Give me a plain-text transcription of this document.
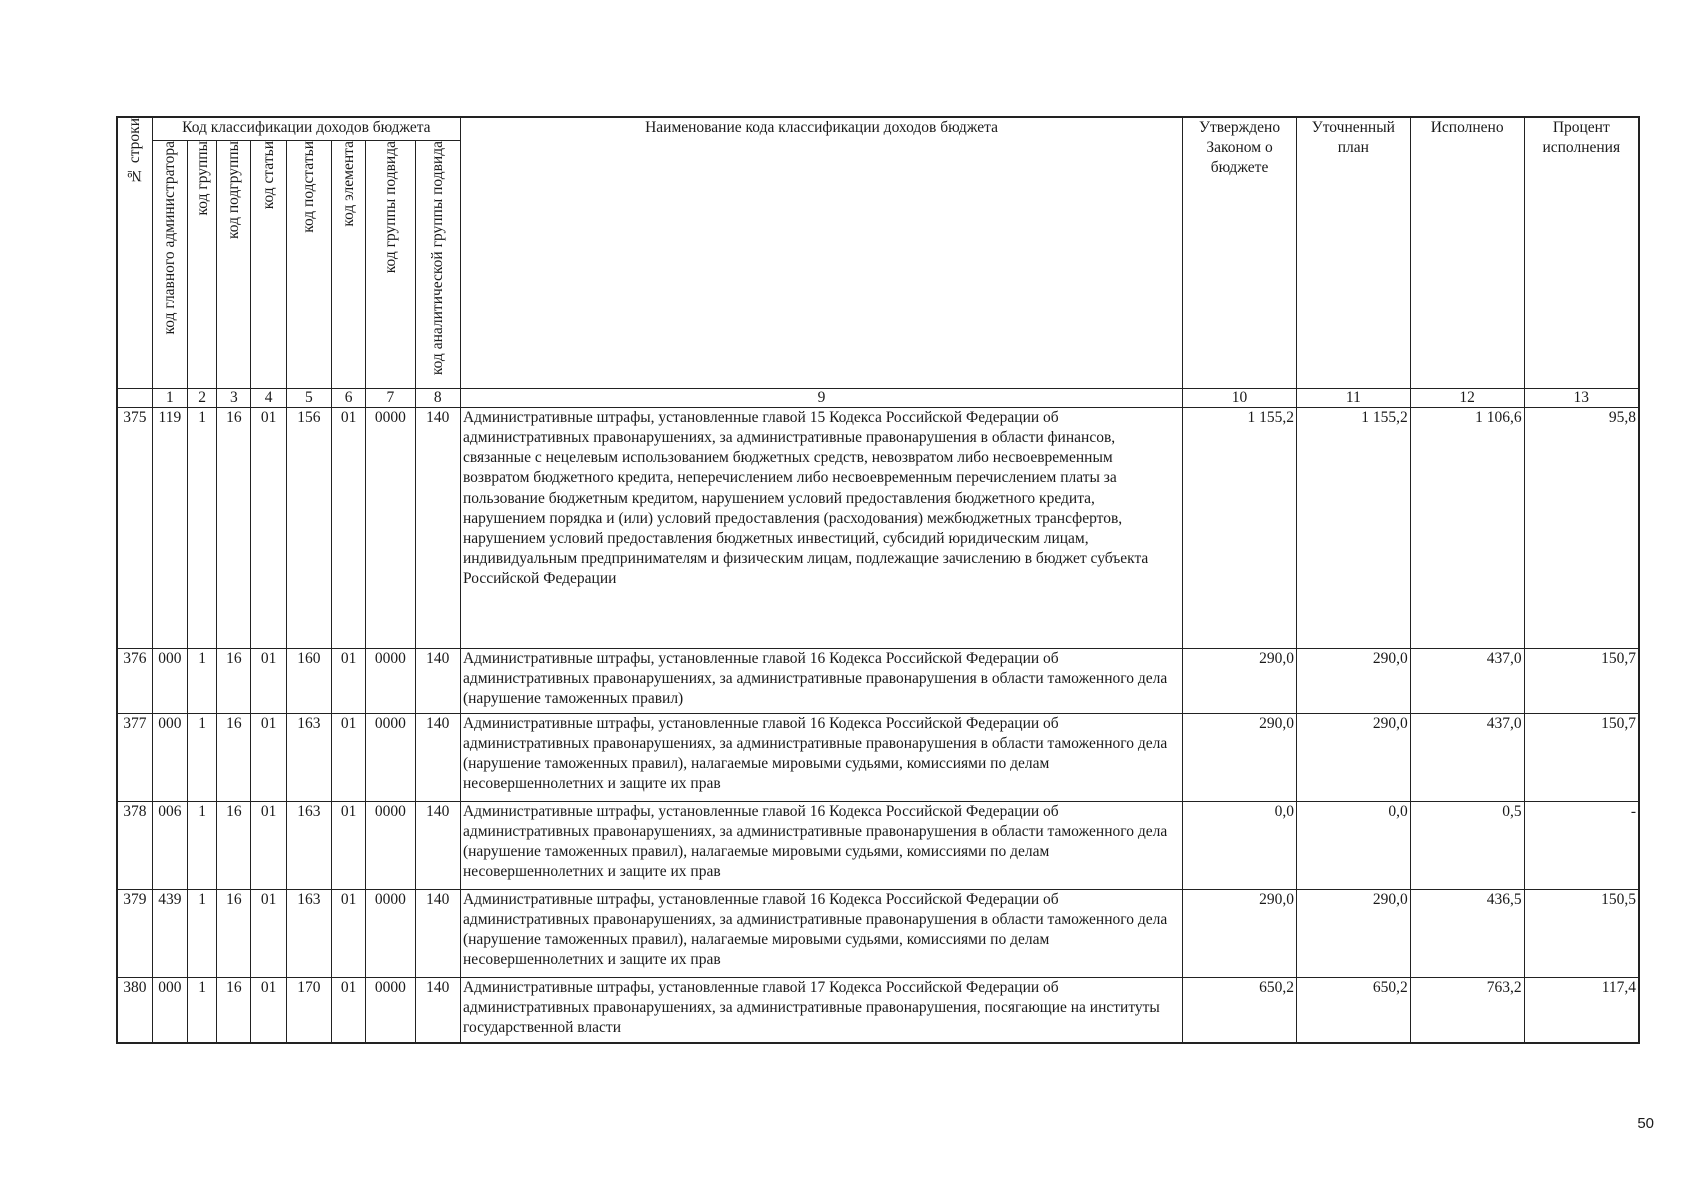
№ строки	Код классификации доходов бюджета								Наименование кода классификации доходов бюджета	Утверждено Законом о бюджете	Уточненный план	Исполнено	Процент исполнения
	код главного администратора	код группы	код подгруппы	код статьи	код подстатьи	код элемента	код группы подвида	код аналитической группы подвида					
	1	2	3	4	5	6	7	8	9	10	11	12	13
375	119	1	16	01	156	01	0000	140	Административные штрафы, установленные главой 15 Кодекса Российской Федерации об административных правонарушениях, за административные правонарушения в области финансов, связанные с нецелевым использованием бюджетных средств, невозвратом либо несвоевременным возвратом бюджетного кредита, неперечислением либо несвоевременным перечислением платы за пользование бюджетным кредитом, нарушением условий предоставления бюджетного кредита, нарушением порядка и (или) условий предоставления (расходования) межбюджетных трансфертов, нарушением условий предоставления бюджетных инвестиций, субсидий юридическим лицам, индивидуальным предпринимателям и физическим лицам, подлежащие зачислению в бюджет субъекта Российской Федерации	1 155,2	1 155,2	1 106,6	95,8
376	000	1	16	01	160	01	0000	140	Административные штрафы, установленные главой 16 Кодекса Российской Федерации об административных правонарушениях, за административные правонарушения в области таможенного дела (нарушение таможенных правил)	290,0	290,0	437,0	150,7
377	000	1	16	01	163	01	0000	140	Административные штрафы, установленные главой 16 Кодекса Российской Федерации об административных правонарушениях, за административные правонарушения в области таможенного дела (нарушение таможенных правил), налагаемые мировыми судьями, комиссиями по делам несовершеннолетних и защите их прав	290,0	290,0	437,0	150,7
378	006	1	16	01	163	01	0000	140	Административные штрафы, установленные главой 16 Кодекса Российской Федерации об административных правонарушениях, за административные правонарушения в области таможенного дела (нарушение таможенных правил), налагаемые мировыми судьями, комиссиями по делам несовершеннолетних и защите их прав	0,0	0,0	0,5	-
379	439	1	16	01	163	01	0000	140	Административные штрафы, установленные главой 16 Кодекса Российской Федерации об административных правонарушениях, за административные правонарушения в области таможенного дела (нарушение таможенных правил), налагаемые мировыми судьями, комиссиями по делам несовершеннолетних и защите их прав	290,0	290,0	436,5	150,5
380	000	1	16	01	170	01	0000	140	Административные штрафы, установленные главой 17 Кодекса Российской Федерации об административных правонарушениях, за административные правонарушения, посягающие на институты государственной власти	650,2	650,2	763,2	117,4
50
